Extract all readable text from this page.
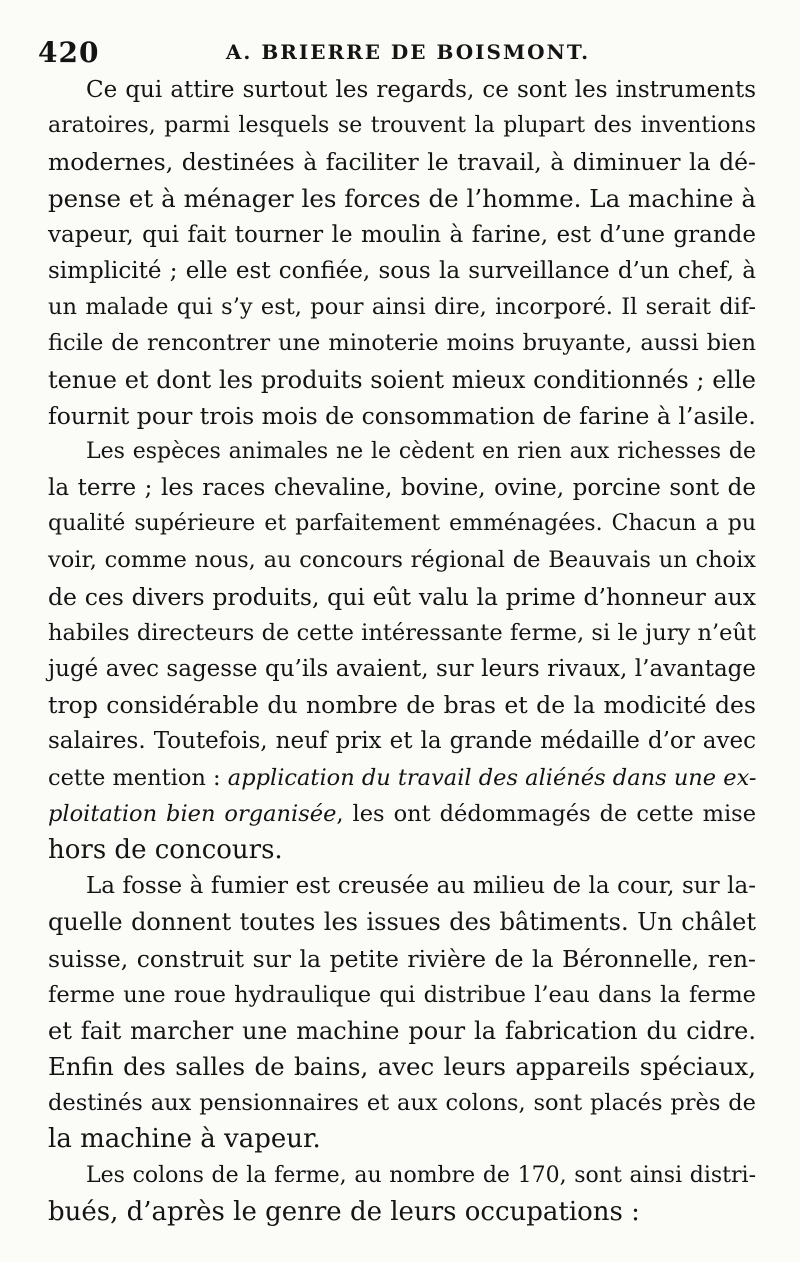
420	A. BRIERRE DE BOISMONT.
Ce qui attire surtout les regards, ce sont les instruments
aratoires, parmi lesquels se trouvent la plupart des inventions
modernes, destinées à faciliter le travail, à diminuer la dé-
pense et à ménager les forces de l’homme. La machine à
vapeur, qui fait tourner le moulin à farine, est d’une grande
simplicité ; elle est confiée, sous la surveillance d’un chef, à
un malade qui s’y est, pour ainsi dire, incorporé. Il serait dif-
ficile de rencontrer une minoterie moins bruyante, aussi bien
tenue et dont les produits soient mieux conditionnés ; elle
fournit pour trois mois de consommation de farine à l’asile.
Les espèces animales ne le cèdent en rien aux richesses de
la terre ; les races chevaline, bovine, ovine, porcine sont de
qualité supérieure et parfaitement emménagées. Chacun a pu
voir, comme nous, au concours régional de Beauvais un choix
de ces divers produits, qui eût valu la prime d’honneur aux
habiles directeurs de cette intéressante ferme, si le jury n’eût
jugé avec sagesse qu’ils avaient, sur leurs rivaux, l’avantage
trop considérable du nombre de bras et de la modicité des
salaires. Toutefois, neuf prix et la grande médaille d’or avec
cette mention : application du travail des aliénés dans une ex-
ploitation bien organisée, les ont dédommagés de cette mise
hors de concours.
La fosse à fumier est creusée au milieu de la cour, sur la-
quelle donnent toutes les issues des bâtiments. Un châlet
suisse, construit sur la petite rivière de la Béronnelle, ren-
ferme une roue hydraulique qui distribue l’eau dans la ferme
et fait marcher une machine pour la fabrication du cidre.
Enfin des salles de bains, avec leurs appareils spéciaux,
destinés aux pensionnaires et aux colons, sont placés près de
la machine à vapeur.
Les colons de la ferme, au nombre de 170, sont ainsi distri-
bués, d’après le genre de leurs occupations :
